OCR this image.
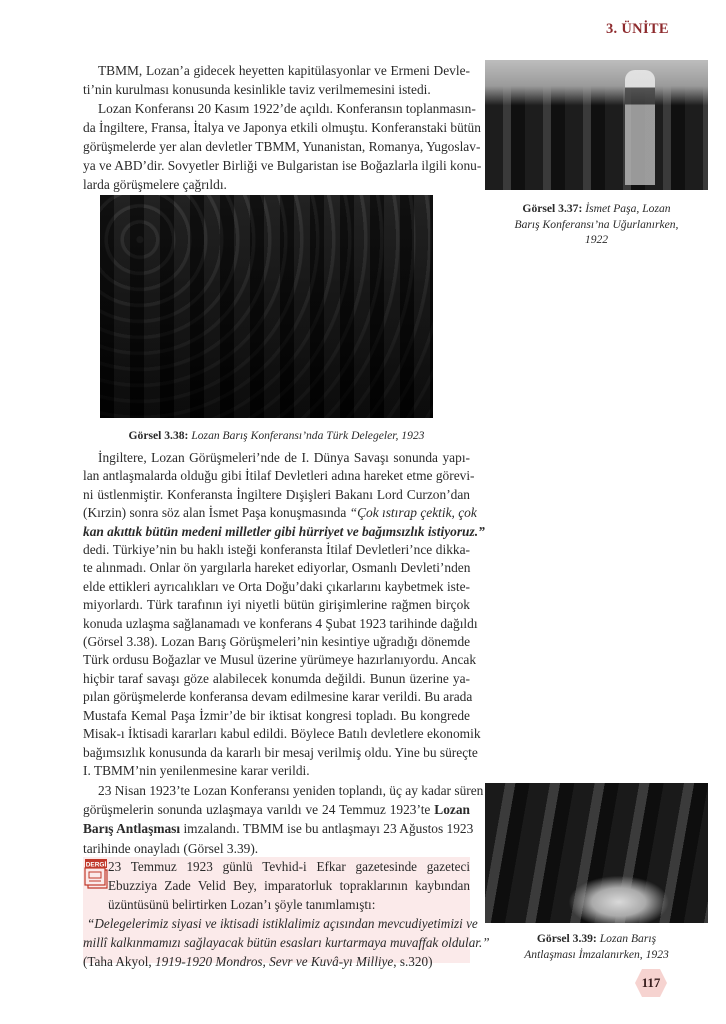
3. ÜNİTE
TBMM, Lozan’a gidecek heyetten kapitülasyonlar ve Ermeni Devle-
ti’nin kurulması konusunda kesinlikle taviz verilmemesini istedi.
Lozan Konferansı 20 Kasım 1922’de açıldı. Konferansın toplanmasın-
da İngiltere, Fransa, İtalya ve Japonya etkili olmuştu. Konferanstaki bütün
görüşmelerde yer alan devletler TBMM, Yunanistan, Romanya, Yugoslav-
ya ve ABD’dir. Sovyetler Birliği ve Bulgaristan ise Boğazlarla ilgili konu-
larda görüşmelere çağrıldı.
Görsel 3.38: Lozan Barış Konferansı’nda Türk Delegeler, 1923
İngiltere, Lozan Görüşmeleri’nde de I. Dünya Savaşı sonunda yapı-
lan antlaşmalarda olduğu gibi İtilaf Devletleri adına hareket etme görevi-
ni üstlenmiştir. Konferansta İngiltere Dışişleri Bakanı Lord Curzon’dan
(Kırzin) sonra söz alan İsmet Paşa konuşmasında “Çok ıstırap çektik, çok
kan akıttık bütün medeni milletler gibi hürriyet ve bağımsızlık istiyoruz.”
dedi. Türkiye’nin bu haklı isteği konferansta İtilaf Devletleri’nce dikka-
te alınmadı. Onlar ön yargılarla hareket ediyorlar, Osmanlı Devleti’nden
elde ettikleri ayrıcalıkları ve Orta Doğu’daki çıkarlarını kaybetmek iste-
miyorlardı. Türk tarafının iyi niyetli bütün girişimlerine rağmen birçok
konuda uzlaşma sağlanamadı ve konferans 4 Şubat 1923 tarihinde dağıldı
(Görsel 3.38). Lozan Barış Görüşmeleri’nin kesintiye uğradığı dönemde
Türk ordusu Boğazlar ve Musul üzerine yürümeye hazırlanıyordu. Ancak
hiçbir taraf savaşı göze alabilecek konumda değildi. Bunun üzerine ya-
pılan görüşmelerde konferansa devam edilmesine karar verildi. Bu arada
Mustafa Kemal Paşa İzmir’de bir iktisat kongresi topladı. Bu kongrede
Misak-ı İktisadi kararları kabul edildi. Böylece Batılı devletlere ekonomik
bağımsızlık konusunda da kararlı bir mesaj verilmiş oldu. Yine bu süreçte
I. TBMM’nin yenilenmesine karar verildi.
23 Nisan 1923’te Lozan Konferansı yeniden toplandı, üç ay kadar süren
görüşmelerin sonunda uzlaşmaya varıldı ve 24 Temmuz 1923’te Lozan
Barış Antlaşması imzalandı. TBMM ise bu antlaşmayı 23 Ağustos 1923
tarihinde onayladı (Görsel 3.39).
Görsel 3.37: İsmet Paşa, Lozan
Barış Konferansı’na Uğurlanırken,
1922
DERGİ 23 Temmuz 1923 günlü Tevhid-i Efkar gazetesinde gazeteci
Ebuzziya Zade Velid Bey, imparatorluk topraklarının kaybından
üzüntüsünü belirtirken Lozan’ı şöyle tanımlamıştı:
“Delegelerimiz siyasi ve iktisadi istiklalimiz açısından mevcudiyetimizi ve
millî kalkınmamızı sağlayacak bütün esasları kurtarmaya muvaffak oldular.”
(Taha Akyol, 1919-1920 Mondros, Sevr ve Kuvâ-yı Milliye, s.320)
Görsel 3.39: Lozan Barış
Antlaşması İmzalanırken, 1923
117
